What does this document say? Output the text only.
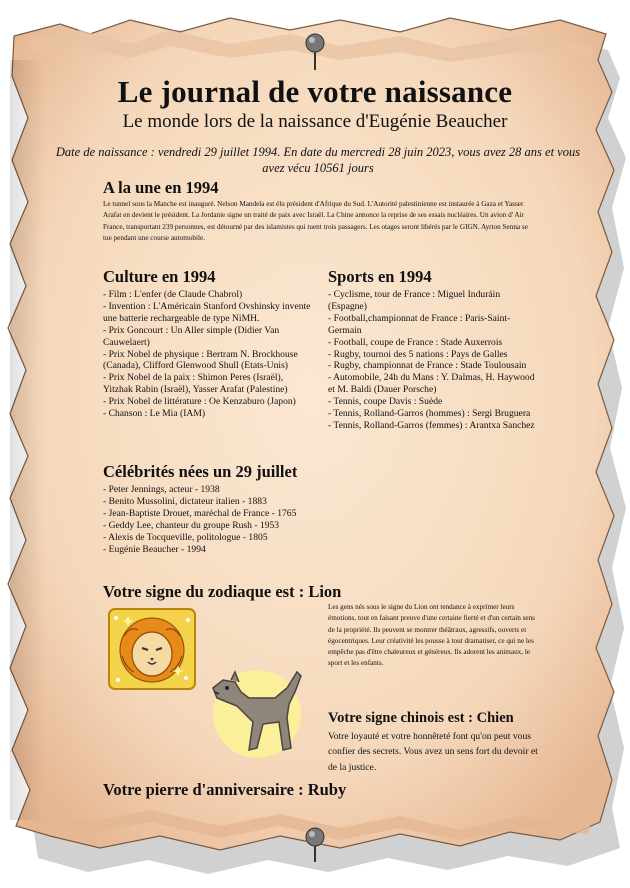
Le journal de votre naissance
Le monde lors de la naissance d'Eugénie Beaucher
Date de naissance : vendredi 29 juillet 1994. En date du mercredi 28 juin 2023, vous avez 28 ans et vous avez vécu 10561 jours
A la une en 1994
Le tunnel sous la Manche est inauguré. Nelson Mandela est élu président d'Afrique du Sud. L'Autorité palestinienne est instaurée à Gaza et Yasser Arafat en devient le président. La Jordanie signe un traité de paix avec Israël. La Chine annonce la reprise de ses essais nucléaires. Un avion d' Air France, transportant 239 personnes, est détourné par des islamistes qui tuent trois passagers. Les otages seront libérés par le GIGN. Ayrton Senna se tue pendant une course automobile.
Culture en 1994
- Film : L'enfer (de Claude Chabrol)
- Invention : L'Américain Stanford Ovshinsky invente une batterie rechargeable de type NiMH.
- Prix Goncourt : Un Aller simple (Didier Van Cauwelaert)
- Prix Nobel de physique : Bertram N. Brockhouse (Canada), Clifford Glenwood Shull (Etats-Unis)
- Prix Nobel de la paix : Shimon Peres (Israël), Yitzhak Rabin (Israël), Yasser Arafat (Palestine)
- Prix Nobel de littérature : Oe Kenzaburo (Japon)
- Chanson : Le Mia (IAM)
Sports en 1994
- Cyclisme, tour de France : Miguel Induráin (Espagne)
- Football,championnat de France : Paris-Saint-Germain
- Football, coupe de France : Stade Auxerrois
- Rugby, tournoi des 5 nations : Pays de Galles
- Rugby, championnat de France : Stade Toulousain
- Automobile, 24h du Mans : Y. Dalmas, H. Haywood et M. Baldi (Dauer Porsche)
- Tennis, coupe Davis : Suède
- Tennis, Rolland-Garros (hommes) : Sergi Bruguera
- Tennis, Rolland-Garros (femmes) : Arantxa Sanchez
Célébrités nées un 29 juillet
- Peter Jennings, acteur - 1938
- Benito Mussolini, dictateur italien - 1883
- Jean-Baptiste Drouet, maréchal de France - 1765
- Geddy Lee, chanteur du groupe Rush - 1953
- Alexis de Tocqueville, politologue - 1805
- Eugénie Beaucher - 1994
Votre signe du zodiaque est : Lion
Les gens nés sous le signe du Lion ont tendance à exprimer leurs émotions, tout en faisant preuve d'une certaine fierté et d'un certain sens de la propriété. Ils peuvent se montrer théâtraux, agressifs, ouverts et égocentriques. Leur créativité les pousse à tout dramatiser, ce qui ne les empêche pas d'être chaleureux et généreux. Ils adorent les animaux, le sport et les enfants.
Votre signe chinois est : Chien
Votre loyauté et votre honnêteté font qu'on peut vous confier des secrets. Vous avez un sens fort du devoir et de la justice.
Votre pierre d'anniversaire : Ruby
